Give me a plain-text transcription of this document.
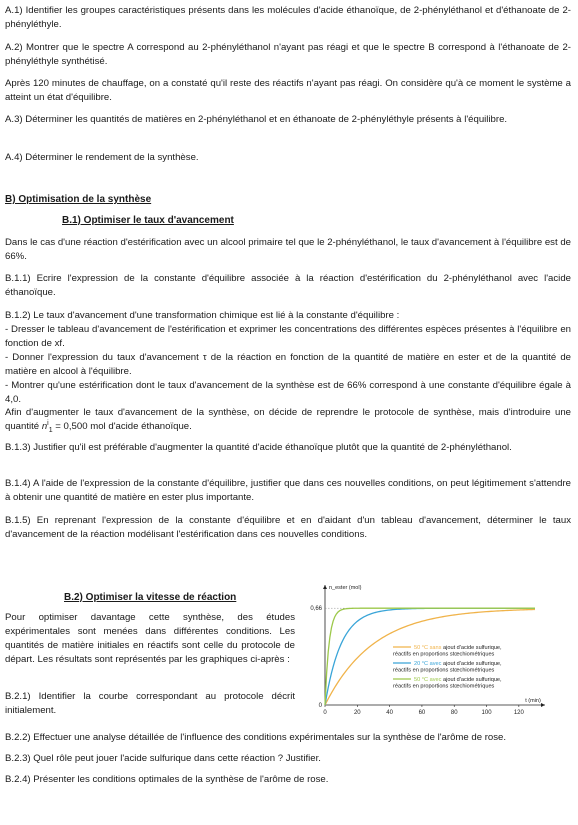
A.1) Identifier les groupes caractéristiques présents dans les molécules d'acide éthanoïque, de 2-phényléthanol et d'éthanoate de 2-phényléthyle.

A.2) Montrer que le spectre A correspond au 2-phényléthanol n'ayant pas réagi et que le spectre B correspond à l'éthanoate de 2-phényléthyle synthétisé.

Après 120 minutes de chauffage, on a constaté qu'il reste des réactifs n'ayant pas réagi. On considère qu'à ce moment le système a atteint un état d'équilibre.

A.3) Déterminer les quantités de matières en 2-phényléthanol et en éthanoate de 2-phényléthyle présents à l'équilibre.

A.4) Déterminer le rendement de la synthèse.

B) Optimisation de la synthèse

B.1) Optimiser le taux d'avancement

Dans le cas d'une réaction d'estérification avec un alcool primaire tel que le 2-phényléthanol, le taux d'avancement à l'équilibre est de 66%.

B.1.1) Ecrire l'expression de la constante d'équilibre associée à la réaction d'estérification du 2-phényléthanol avec l'acide éthanoïque.

B.1.2) Le taux d'avancement d'une transformation chimique est lié à la constante d'équilibre :

- Dresser le tableau d'avancement de l'estérification et exprimer les concentrations des différentes espèces présentes à l'équilibre en fonction de xf.

- Donner l'expression du taux d'avancement τ de la réaction en fonction de la quantité de matière en ester et de la quantité de matière en alcool à l'équilibre.

- Montrer qu'une estérification dont le taux d'avancement de la synthèse est de 66% correspond à une constante d'équilibre égale à 4,0.

Afin d'augmenter le taux d'avancement de la synthèse, on décide de reprendre le protocole de synthèse, mais d'introduire une quantité $n^i_1 = 0,500$ mol d'acide éthanoïque.

B.1.3) Justifier qu'il est préférable d'augmenter la quantité d'acide éthanoïque plutôt que la quantité de 2-phényléthanol.

B.1.4) A l'aide de l'expression de la constante d'équilibre, justifier que dans ces nouvelles conditions, on peut légitimement s'attendre à obtenir une quantité de matière en ester plus importante.

B.1.5) En reprenant l'expression de la constante d'équilibre et en d'aidant d'un tableau d'avancement, déterminer le taux d'avancement de la réaction modélisant l'estérification dans ces nouvelles conditions.

B.2) Optimiser la vitesse de réaction

Pour optimiser davantage cette synthèse, des études expérimentales sont menées dans différentes conditions. Les quantités de matière initiales en réactifs sont celle du protocole de départ. Les résultats sont représentés par les graphiques ci-après :

B.2.1) Identifier la courbe correspondant au protocole décrit initialement.

n_ester (mol)
t (min)
0	20	40	60	80	100	120
0,66
0
50 °C sans ajout d'acide sulfurique,
réactifs en proportions stœchiométriques
20 °C avec ajout d'acide sulfurique,
réactifs en proportions stœchiométriques
50 °C avec ajout d'acide sulfurique,
réactifs en proportions stœchiométriques

B.2.2) Effectuer une analyse détaillée de l'influence des conditions expérimentales sur la synthèse de l'arôme de rose.

B.2.3) Quel rôle peut jouer l'acide sulfurique dans cette réaction ? Justifier.

B.2.4) Présenter les conditions optimales de la synthèse de l'arôme de rose.
